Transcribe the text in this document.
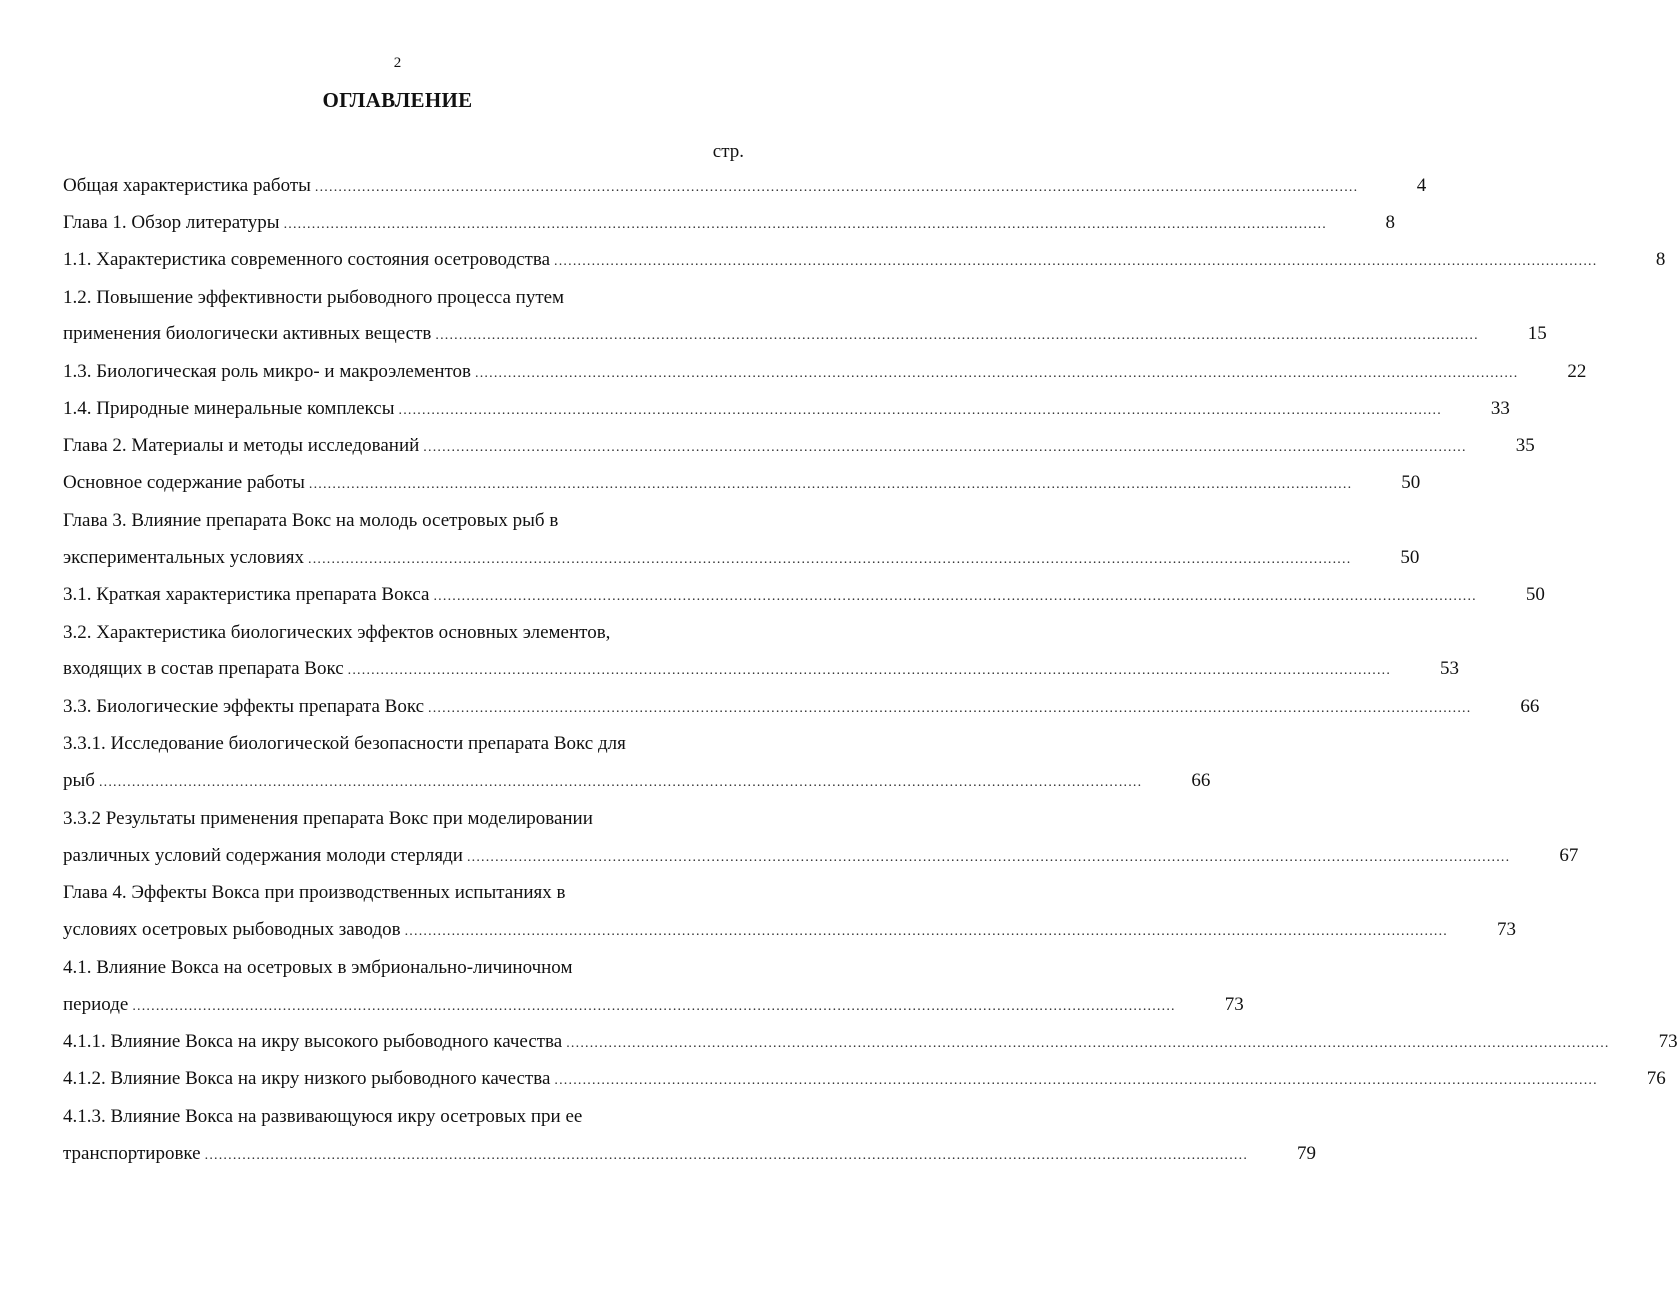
2
ОГЛАВЛЕНИЕ
стр.
Общая характеристика работы ..............................................................................................................................................................................................................................	4
Глава 1. Обзор литературы ..............................................................................................................................................................................................................................	8
1.1. Характеристика современного состояния осетроводства ..............................................................................................................................................................................................................................	8
1.2. Повышение эффективности рыбоводного процесса путем
применения биологически активных веществ ..............................................................................................................................................................................................................................	15
1.3. Биологическая роль микро- и макроэлементов ..............................................................................................................................................................................................................................	22
1.4. Природные минеральные комплексы ..............................................................................................................................................................................................................................	33
Глава 2. Материалы и методы исследований ..............................................................................................................................................................................................................................	35
Основное содержание работы ..............................................................................................................................................................................................................................	50
Глава 3. Влияние препарата Вокс на молодь осетровых рыб в
экспериментальных условиях ..............................................................................................................................................................................................................................	50
3.1. Краткая характеристика препарата Вокса ..............................................................................................................................................................................................................................	50
3.2. Характеристика биологических эффектов основных элементов,
входящих в состав препарата Вокс ..............................................................................................................................................................................................................................	53
3.3. Биологические эффекты препарата Вокс ..............................................................................................................................................................................................................................	66
3.3.1. Исследование биологической безопасности препарата Вокс для
рыб ..............................................................................................................................................................................................................................	66
3.3.2 Результаты применения препарата Вокс при моделировании
различных условий содержания молоди стерляди ..............................................................................................................................................................................................................................	67
Глава 4. Эффекты Вокса при производственных испытаниях в
условиях осетровых рыбоводных заводов ..............................................................................................................................................................................................................................	73
4.1. Влияние Вокса на осетровых в эмбрионально-личиночном
периоде ..............................................................................................................................................................................................................................	73
4.1.1. Влияние Вокса на икру высокого рыбоводного качества ..............................................................................................................................................................................................................................	73
4.1.2. Влияние Вокса на икру низкого рыбоводного качества ..............................................................................................................................................................................................................................	76
4.1.3. Влияние Вокса на развивающуюся икру осетровых при ее
транспортировке ..............................................................................................................................................................................................................................	79
